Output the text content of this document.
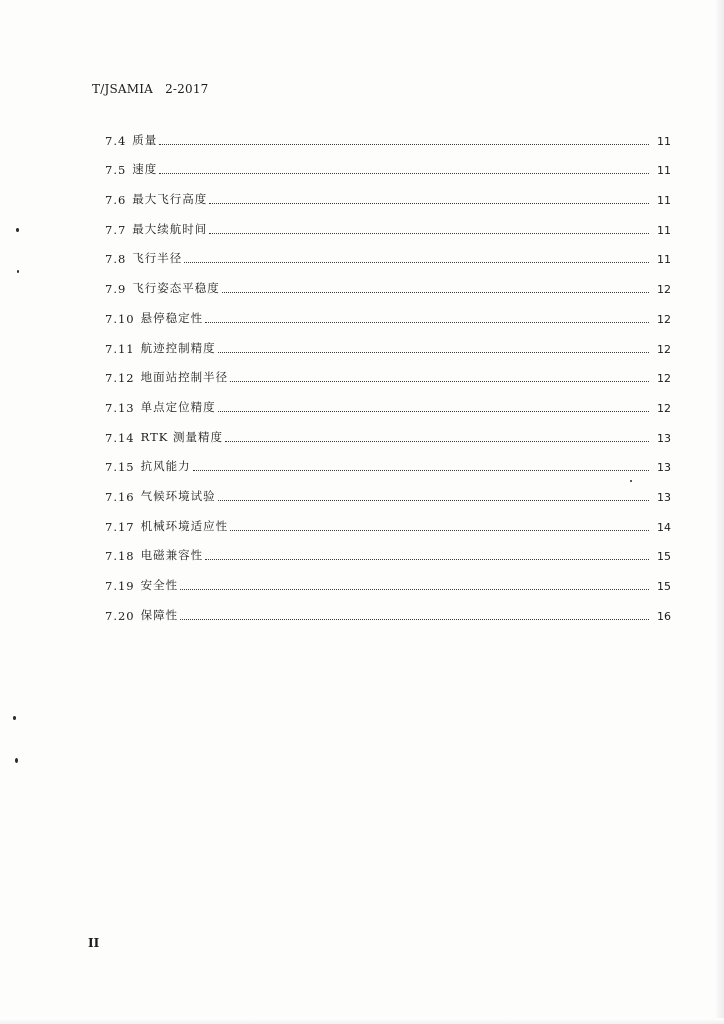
T/JSAMIA   2-2017
7.4 质量	11
7.5 速度	11
7.6 最大飞行高度	11
7.7 最大续航时间	11
7.8 飞行半径	11
7.9 飞行姿态平稳度	12
7.10 悬停稳定性	12
7.11 航迹控制精度	12
7.12 地面站控制半径	12
7.13 单点定位精度	12
7.14 RTK 测量精度	13
7.15 抗风能力	13
7.16 气候环境试验	13
7.17 机械环境适应性	14
7.18 电磁兼容性	15
7.19 安全性	15
7.20 保障性	16
II
